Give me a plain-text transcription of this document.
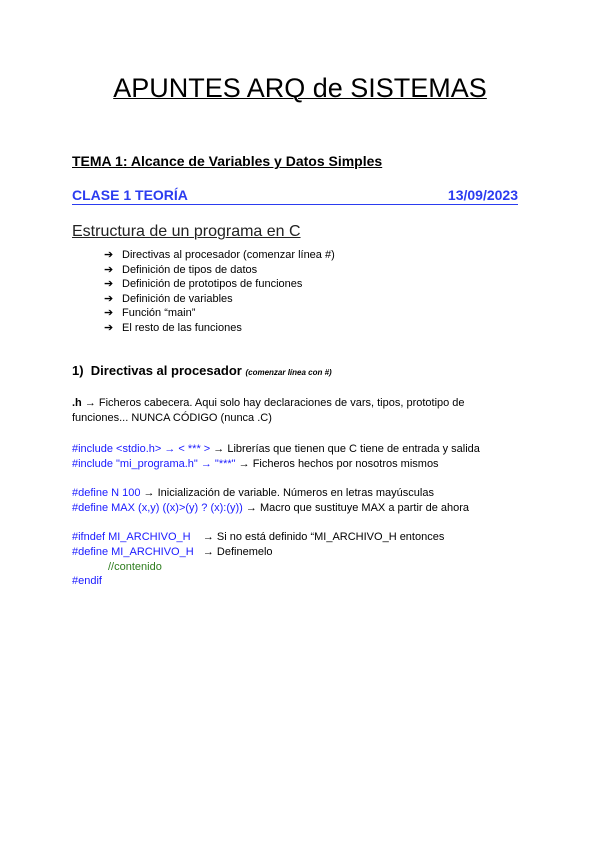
APUNTES ARQ de SISTEMAS
TEMA 1: Alcance de Variables y Datos Simples
CLASE 1 TEORÍA	13/09/2023
Estructura de un programa en C
➔ Directivas al procesador (comenzar línea #)
➔ Definición de tipos de datos
➔ Definición de prototipos de funciones
➔ Definición de variables
➔ Función “main”
➔ El resto de las funciones
1) Directivas al procesador (comenzar línea con #)
.h → Ficheros cabecera. Aqui solo hay declaraciones de vars, tipos, prototipo de
funciones... NUNCA CÓDIGO (nunca .C)
#include <stdio.h> → < *** > → Librerías que tienen que C tiene de entrada y salida
#include "mi_programa.h" → "***" → Ficheros hechos por nosotros mismos
#define N 100 → Inicialización de variable. Números en letras mayúsculas
#define MAX (x,y) ((x)>(y) ? (x):(y)) → Macro que sustituye MAX a partir de ahora
#ifndef MI_ARCHIVO_H    → Si no está definido “MI_ARCHIVO_H entonces
#define MI_ARCHIVO_H   → Definemelo
//contenido
#endif
